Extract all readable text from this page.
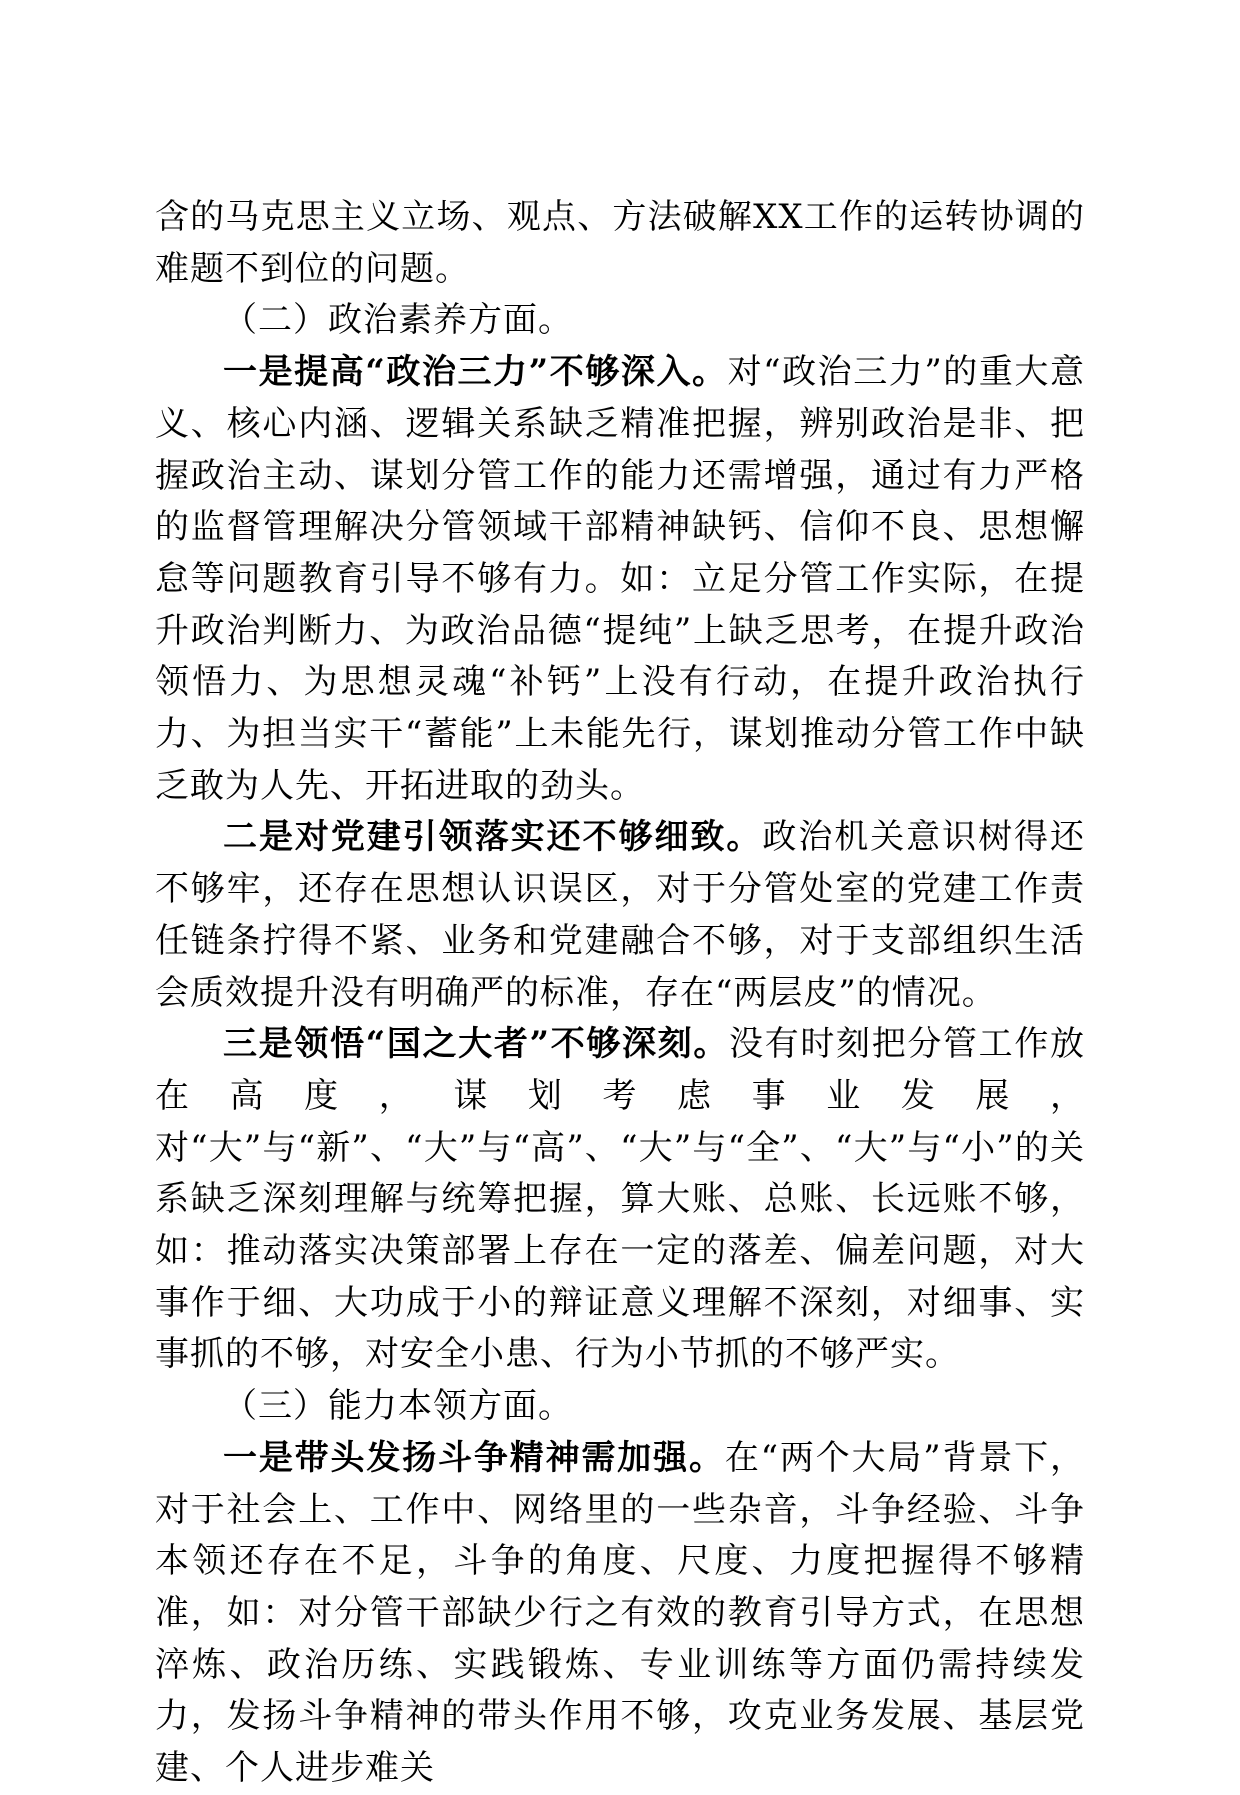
含的马克思主义立场、观点、方法破解XX工作的运转协调的难题不到位的问题。

（二）政治素养方面。

一是提高“政治三力”不够深入。对“政治三力”的重大意义、核心内涵、逻辑关系缺乏精准把握，辨别政治是非、把握政治主动、谋划分管工作的能力还需增强，通过有力严格的监督管理解决分管领域干部精神缺钙、信仰不良、思想懈怠等问题教育引导不够有力。如：立足分管工作实际，在提升政治判断力、为政治品德“提纯”上缺乏思考，在提升政治领悟力、为思想灵魂“补钙”上没有行动，在提升政治执行力、为担当实干“蓄能”上未能先行，谋划推动分管工作中缺乏敢为人先、开拓进取的劲头。

二是对党建引领落实还不够细致。政治机关意识树得还不够牢，还存在思想认识误区，对于分管处室的党建工作责任链条拧得不紧、业务和党建融合不够，对于支部组织生活会质效提升没有明确严的标准，存在“两层皮”的情况。

三是领悟“国之大者”不够深刻。没有时刻把分管工作放在高度，谋划考虑事业发展，对“大”与“新”、“大”与“高”、“大”与“全”、“大”与“小”的关系缺乏深刻理解与统筹把握，算大账、总账、长远账不够，如：推动落实决策部署上存在一定的落差、偏差问题，对大事作于细、大功成于小的辩证意义理解不深刻，对细事、实事抓的不够，对安全小患、行为小节抓的不够严实。

（三）能力本领方面。

一是带头发扬斗争精神需加强。在“两个大局”背景下，对于社会上、工作中、网络里的一些杂音，斗争经验、斗争本领还存在不足，斗争的角度、尺度、力度把握得不够精准，如：对分管干部缺少行之有效的教育引导方式，在思想淬炼、政治历练、实践锻炼、专业训练等方面仍需持续发力，发扬斗争精神的带头作用不够，攻克业务发展、基层党建、个人进步难关
